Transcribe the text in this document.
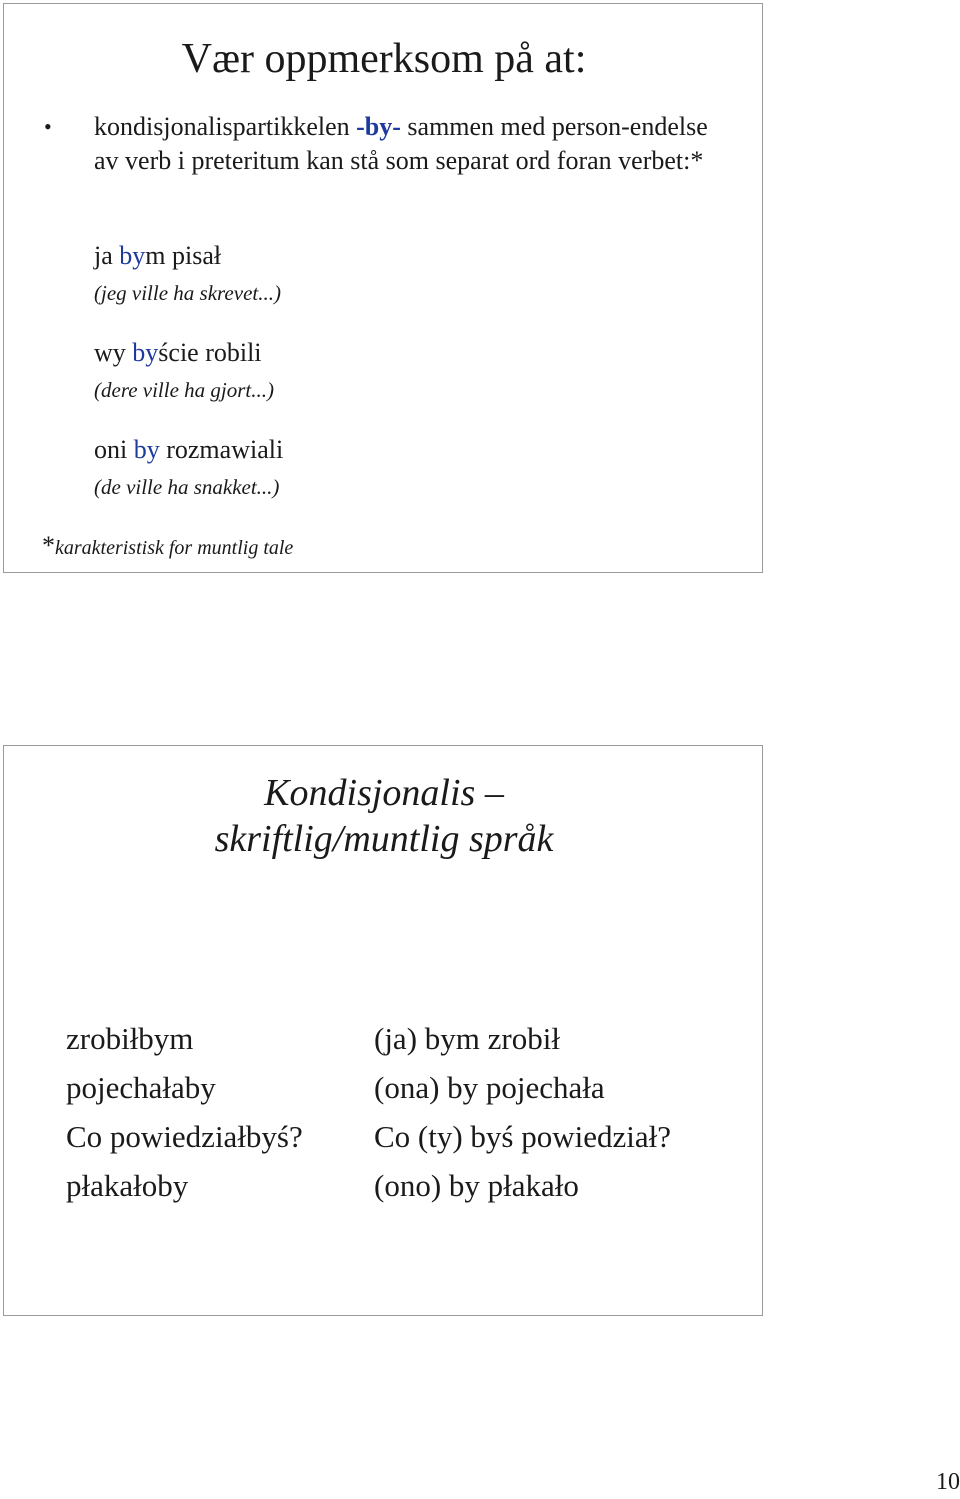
Vær oppmerksom på at:
• kondisjonalispartikkelen -by- sammen med person-endelse av verb i preteritum kan stå som separat ord foran verbet:*
ja bym pisał
(jeg ville ha skrevet...)
wy byście robili
(dere ville ha gjort...)
oni by rozmawiali
(de ville ha snakket...)
*karakteristisk for muntlig tale
Kondisjonalis –
skriftlig/muntlig språk
zrobiłbym
pojechałaby
Co powiedziałbyś?
płakałoby
(ja) bym zrobił
(ona) by pojechała
Co (ty) byś powiedział?
(ono) by płakało
10
